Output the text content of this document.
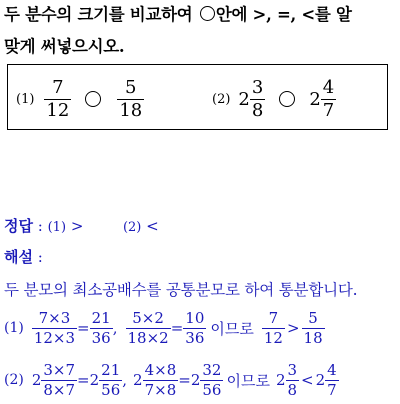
두 분수의 크기를 비교하여 안에 >, =, <를 알
맞게 써넣으시오.
$(1) \frac{7}{12}$	$\frac{5}{18}$	(2) $2 \frac{3}{8} 2 \frac{4}{7}$
정답 : (1) >	(2) <
해설 :
두 분모의 최소공배수를 공통분모로 하여 통분합니다.
$(1) \frac{7\times 3}{12\times 3} = \frac{21}{36}$ , $\frac{5\times 2}{18\times 2} = \frac{10}{36}$ 이므로 $\frac{7}{12} > \frac{5}{18}$
(2) $2 \frac{3\times 7}{8\times 7} = 2 \frac{21}{56}$ , $2 \frac{4\times 8}{7\times 8} = 2 \frac{32}{56}$ 이므로 $2 \frac{3}{8} < 2 \frac{4}{7}$
